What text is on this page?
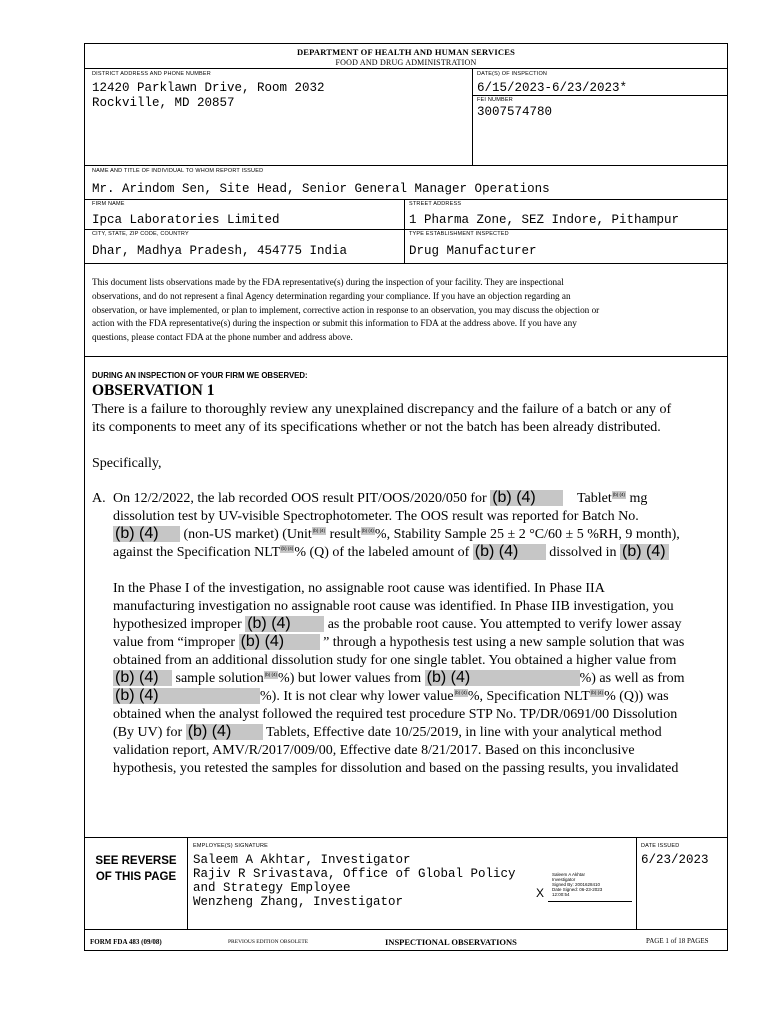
DEPARTMENT OF HEALTH AND HUMAN SERVICES
FOOD AND DRUG ADMINISTRATION
DISTRICT ADDRESS AND PHONE NUMBER
12420 Parklawn Drive, Room 2032
Rockville, MD 20857
DATE(S) OF INSPECTION
6/15/2023-6/23/2023*
FEI NUMBER
3007574780
NAME AND TITLE OF INDIVIDUAL TO WHOM REPORT ISSUED
Mr. Arindom Sen, Site Head, Senior General Manager Operations
FIRM NAME
Ipca Laboratories Limited
STREET ADDRESS
1 Pharma Zone, SEZ Indore, Pithampur
CITY, STATE, ZIP CODE, COUNTRY
Dhar, Madhya Pradesh, 454775 India
TYPE ESTABLISHMENT INSPECTED
Drug Manufacturer
This document lists observations made by the FDA representative(s) during the inspection of your facility. They are inspectional
observations, and do not represent a final Agency determination regarding your compliance. If you have an objection regarding an
observation, or have implemented, or plan to implement, corrective action in response to an observation, you may discuss the objection or
action with the FDA representative(s) during the inspection or submit this information to FDA at the address above. If you have any
questions, please contact FDA at the phone number and address above.
DURING AN INSPECTION OF YOUR FIRM WE OBSERVED:
OBSERVATION 1
There is a failure to thoroughly review any unexplained discrepancy and the failure of a batch or any of
its components to meet any of its specifications whether or not the batch has been already distributed.
Specifically,
A. On 12/2/2022, the lab recorded OOS result PIT/OOS/2020/050 for (b) (4)	Tablet(b) (4) mg
dissolution test by UV-visible Spectrophotometer. The OOS result was reported for Batch No.
(b) (4) (non-US market) (Unit(b) (4) result(b) (4)%, Stability Sample 25 ± 2 °C/60 ± 5 %RH, 9 month),
against the Specification NLT(b) (4)% (Q) of the labeled amount of (b) (4) dissolved in (b) (4)
In the Phase I of the investigation, no assignable root cause was identified. In Phase IIA
manufacturing investigation no assignable root cause was identified. In Phase IIB investigation, you
hypothesized improper (b) (4)	as the probable root cause. You attempted to verify lower assay
value from “improper (b) (4)	” through a hypothesis test using a new sample solution that was
obtained from an additional dissolution study for one single tablet. You obtained a higher value from
(b) (4) sample solution(b) (4)%) but lower values from (b) (4)	%) as well as from
(b) (4)	%). It is not clear why lower value(b) (4)%, Specification NLT(b) (4)% (Q)) was
obtained when the analyst followed the required test procedure STP No. TP/DR/0691/00 Dissolution
(By UV) for (b) (4) Tablets, Effective date 10/25/2019, in line with your analytical method
validation report, AMV/R/2017/009/00, Effective date 8/21/2017. Based on this inconclusive
hypothesis, you retested the samples for dissolution and based on the passing results, you invalidated
SEE REVERSE
OF THIS PAGE
EMPLOYEE(S) SIGNATURE
Saleem A Akhtar, Investigator
Rajiv R Srivastava, Office of Global Policy
and Strategy Employee
Wenzheng Zhang, Investigator
Saleem A Akhtar
Investigator
Signed By: 2001628410
Date Signed: 06-23-2023
12:00:54
X
DATE ISSUED
6/23/2023
FORM FDA 483 (09/08)	PREVIOUS EDITION OBSOLETE	INSPECTIONAL OBSERVATIONS	PAGE 1 of 18 PAGES
